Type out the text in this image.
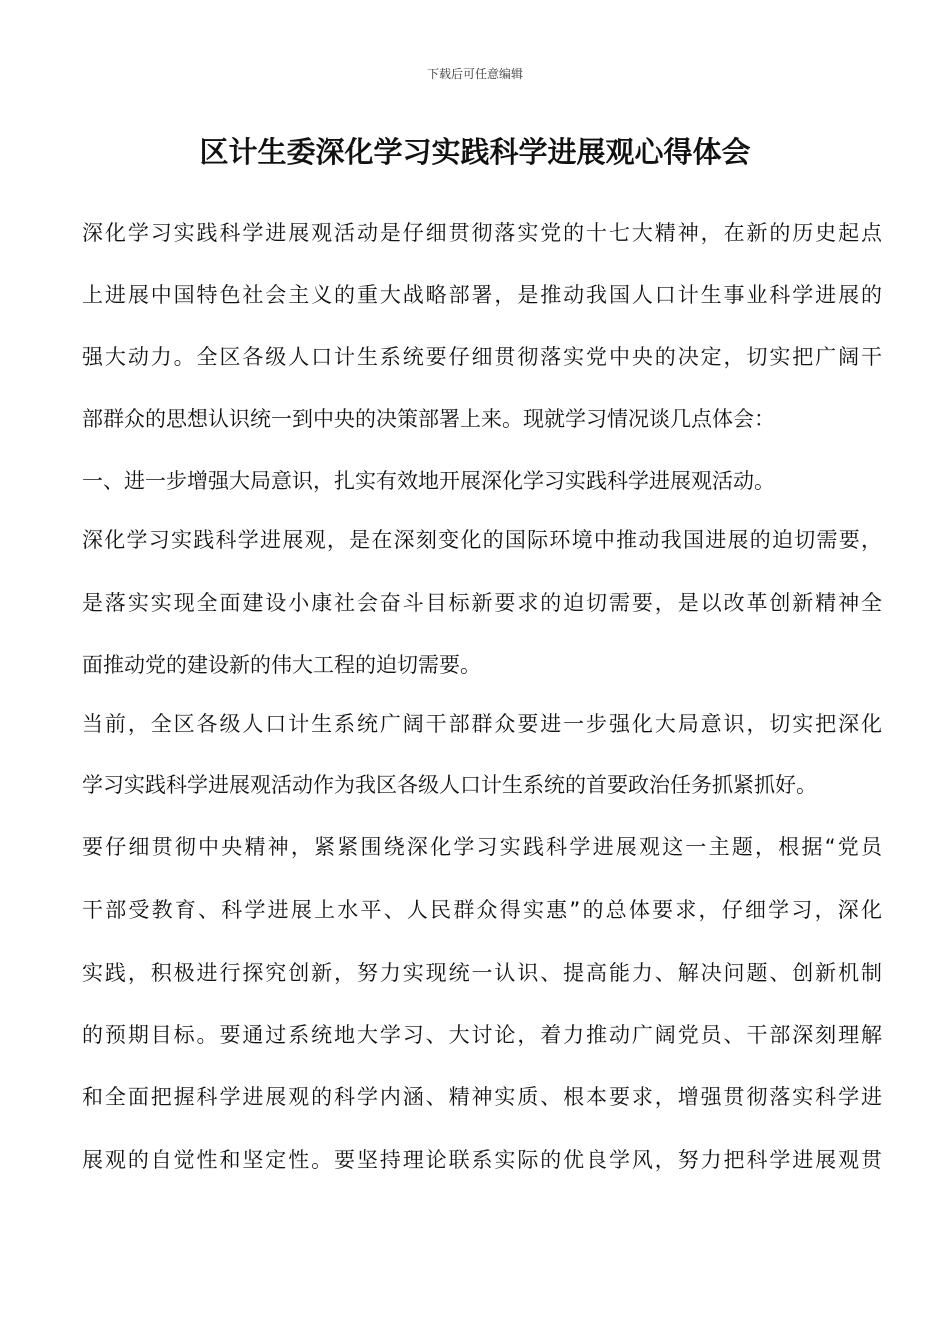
下载后可任意编辑
区计生委深化学习实践科学进展观心得体会
深化学习实践科学进展观活动是仔细贯彻落实党的十七大精神，在新的历史起点
上进展中国特色社会主义的重大战略部署，是推动我国人口计生事业科学进展的
强大动力。全区各级人口计生系统要仔细贯彻落实党中央的决定，切实把广阔干
部群众的思想认识统一到中央的决策部署上来。现就学习情况谈几点体会：
一、进一步增强大局意识，扎实有效地开展深化学习实践科学进展观活动。
深化学习实践科学进展观，是在深刻变化的国际环境中推动我国进展的迫切需要，
是落实实现全面建设小康社会奋斗目标新要求的迫切需要，是以改革创新精神全
面推动党的建设新的伟大工程的迫切需要。
当前，全区各级人口计生系统广阔干部群众要进一步强化大局意识，切实把深化
学习实践科学进展观活动作为我区各级人口计生系统的首要政治任务抓紧抓好。
要仔细贯彻中央精神，紧紧围绕深化学习实践科学进展观这一主题，根据“党员
干部受教育、科学进展上水平、人民群众得实惠”的总体要求，仔细学习，深化
实践，积极进行探究创新，努力实现统一认识、提高能力、解决问题、创新机制
的预期目标。要通过系统地大学习、大讨论，着力推动广阔党员、干部深刻理解
和全面把握科学进展观的科学内涵、精神实质、根本要求，增强贯彻落实科学进
展观的自觉性和坚定性。要坚持理论联系实际的优良学风，努力把科学进展观贯
